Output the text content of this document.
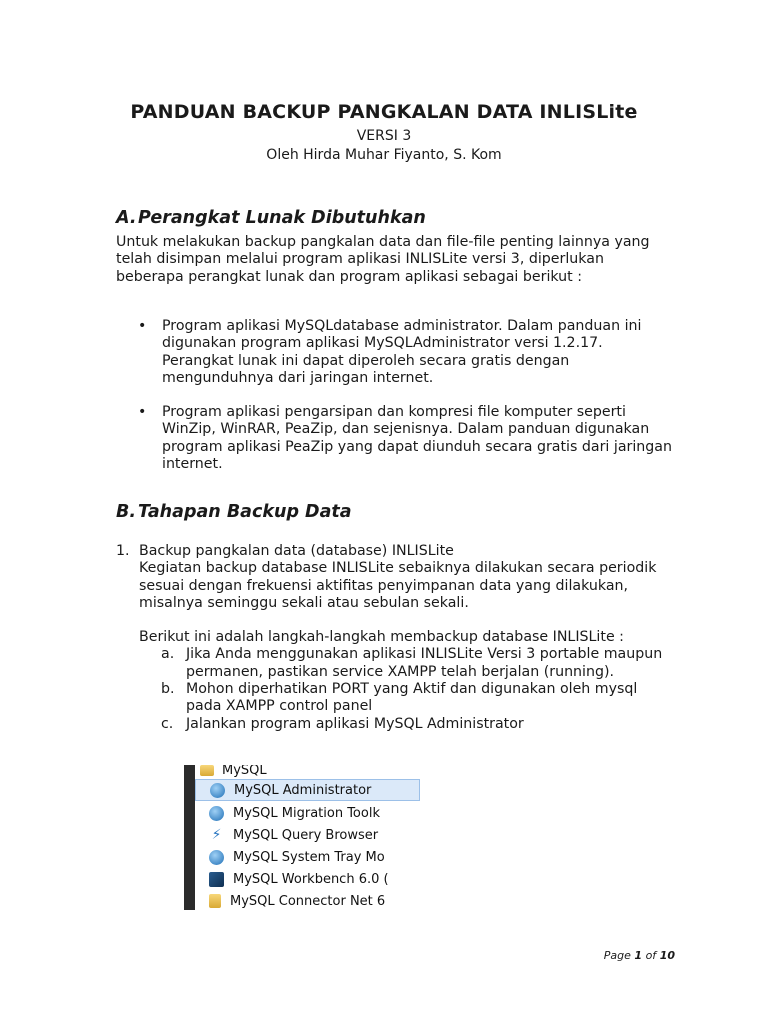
PANDUAN BACKUP PANGKALAN DATA INLISLite
VERSI 3
Oleh Hirda Muhar Fiyanto, S. Kom
A.Perangkat Lunak Dibutuhkan

Untuk melakukan backup pangkalan data dan file-file penting lainnya yang telah disimpan melalui program aplikasi INLISLite versi 3, diperlukan beberapa perangkat lunak dan program aplikasi sebagai berikut :

• Program aplikasi MySQLdatabase administrator. Dalam panduan ini digunakan program aplikasi MySQLAdministrator versi 1.2.17. Perangkat lunak ini dapat diperoleh secara gratis dengan mengunduhnya dari jaringan internet.
• Program aplikasi pengarsipan dan kompresi file komputer seperti WinZip, WinRAR, PeaZip, dan sejenisnya. Dalam panduan digunakan program aplikasi PeaZip yang dapat diunduh secara gratis dari jaringan internet.
B. Tahapan Backup Data
1. Backup pangkalan data (database) INLISLite
Kegiatan backup database INLISLite sebaiknya dilakukan secara periodik sesuai dengan frekuensi aktifitas penyimpanan data yang dilakukan, misalnya seminggu sekali atau sebulan sekali.
Berikut ini adalah langkah-langkah membackup database INLISLite :
a. Jika Anda menggunakan aplikasi INLISLite Versi 3 portable maupun permanen, pastikan service XAMPP telah berjalan (running).
b. Mohon diperhatikan PORT yang Aktif dan digunakan oleh mysql pada XAMPP control panel
c. Jalankan program aplikasi MySQL Administrator
MySQL
MySQL Administrator
MySQL Migration Toolk
⚡ MySQL Query Browser
MySQL System Tray Mo
MySQL Workbench 6.0 (
MySQL Connector Net 6
Page 1 of 10
